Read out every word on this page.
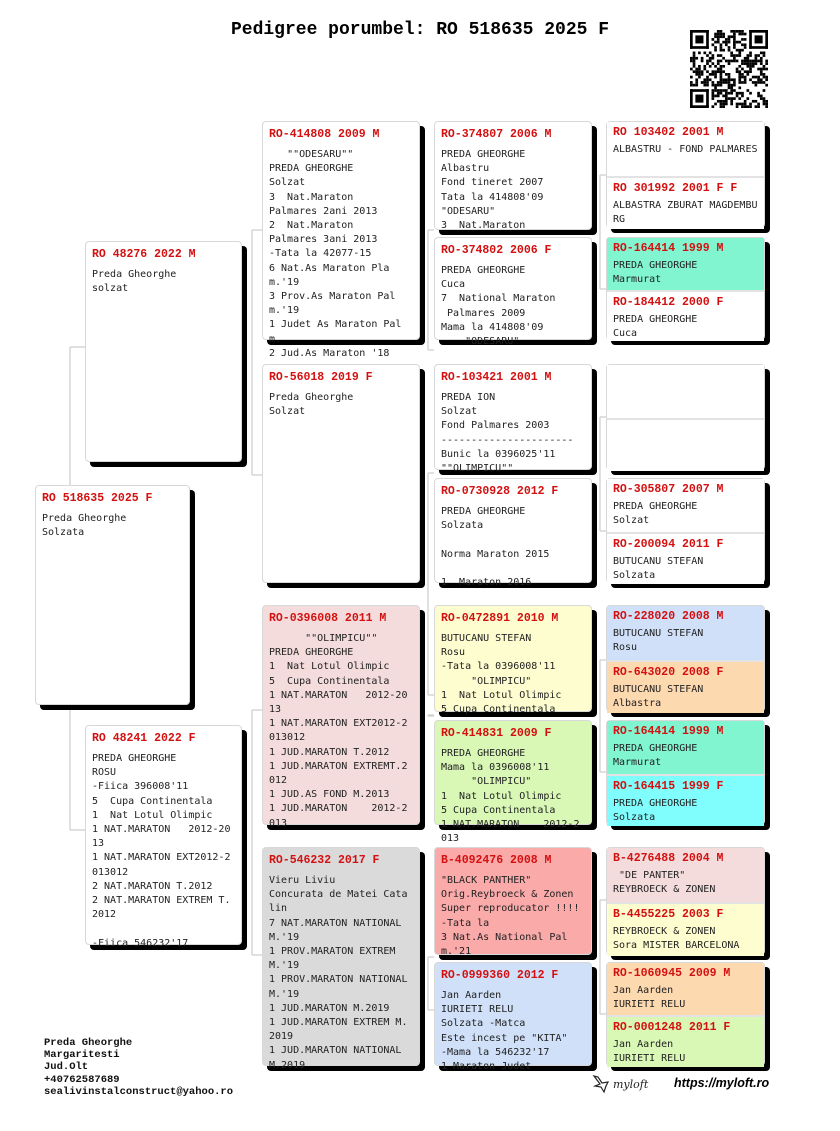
Pedigree porumbel: RO 518635 2025 F
RO 518635 2025 F
Preda Gheorghe
Solzata
RO 48276 2022 M
Preda Gheorghe
solzat
RO 48241 2022 F
PREDA GHEORGHE
ROSU
-Fiica 396008'11
5  Cupa Continentala
1  Nat Lotul Olimpic
1 NAT.MARATON   2012-2013
1 NAT.MARATON EXT2012-2013012
2 NAT.MARATON T.2012
2 NAT.MARATON EXTREM T.2012

-Fiica 546232'17
RO-414808 2009 M
""ODESARU""
PREDA GHEORGHE
Solzat
3  Nat.Maraton
Palmares 2ani 2013
2  Nat.Maraton
Palmares 3ani 2013
-Tata la 42077-15
6 Nat.As Maraton Plam.'19
3 Prov.As Maraton Palm.'19
1 Judet As Maraton Palm.
2 Jud.As Maraton '18
RO-56018 2019 F
Preda Gheorghe
Solzat
RO-0396008 2011 M
""OLIMPICU""
PREDA GHEORGHE
1  Nat Lotul Olimpic
5  Cupa Continentala
1 NAT.MARATON   2012-2013
1 NAT.MARATON EXT2012-2013012
1 JUD.MARATON T.2012
1 JUD.MARATON EXTREMT.2012
1 JUD.AS FOND M.2013
1 JUD.MARATON    2012-2013
RO-546232 2017 F
Vieru Liviu
Concurata de Matei Catalin
7 NAT.MARATON NATIONAL M.'19
1 PROV.MARATON EXTREM M.'19
1 PROV.MARATON NATIONAL M.'19
1 JUD.MARATON M.2019
1 JUD.MARATON EXTREM M.2019
1 JUD.MARATON NATIONAL M.2019
RO-374807 2006 M
PREDA GHEORGHE
Albastru
Fond tineret 2007
Tata la 414808'09
"ODESARU"
3  Nat.Maraton
RO-374802 2006 F
PREDA GHEORGHE
Cuca
7  National Maraton
Palmares 2009
Mama la 414808'09
"ODESARU"
RO-103421 2001 M
PREDA ION
Solzat
Fond Palmares 2003
----------------------
Bunic la 0396025'11
""OLIMPICU""
RO-0730928 2012 F
PREDA GHEORGHE
Solzata

Norma Maraton 2015

1  Maraton 2016
RO-0472891 2010 M
BUTUCANU STEFAN
Rosu
-Tata la 0396008'11
"OLIMPICU"
1  Nat Lotul Olimpic
5 Cupa Continentala
RO-414831 2009 F
PREDA GHEORGHE
Mama la 0396008'11
"OLIMPICU"
1  Nat Lotul Olimpic
5 Cupa Continentala
1 NAT.MARATON    2012-2013
B-4092476 2008 M
"BLACK PANTHER"
Orig.Reybroeck & Zonen
Super reproducator !!!!
-Tata la
3 Nat.As National Palm.'21
RO-0999360 2012 F
Jan Aarden
IURIETI RELU
Solzata -Matca
Este incest pe "KITA"
-Mama la 546232'17
1 Maraton Judet
RO 103402 2001 M
ALBASTRU - FOND PALMARES
RO 301992 2001 F F
ALBASTRA ZBURAT MAGDEMBURG
RO-164414 1999 M
PREDA GHEORGHE
Marmurat
RO-184412 2000 F
PREDA GHEORGHE
Cuca
RO-305807 2007 M
PREDA GHEORGHE
Solzat
RO-200094 2011 F
BUTUCANU STEFAN
Solzata
RO-228020 2008 M
BUTUCANU STEFAN
Rosu
RO-643020 2008 F
BUTUCANU STEFAN
Albastra
RO-164414 1999 M
PREDA GHEORGHE
Marmurat
RO-164415 1999 F
PREDA GHEORGHE
Solzata
B-4276488 2004 M
"DE PANTER"
REYBROECK & ZONEN
B-4455225 2003 F
REYBROECK & ZONEN
Sora MISTER BARCELONA
RO-1060945 2009 M
Jan Aarden
IURIETI RELU
RO-0001248 2011 F
Jan Aarden
IURIETI RELU
Preda Gheorghe
Margaritesti
Jud.Olt
+40762587689
sealivinstalconstruct@yahoo.ro
myloft https://myloft.ro
